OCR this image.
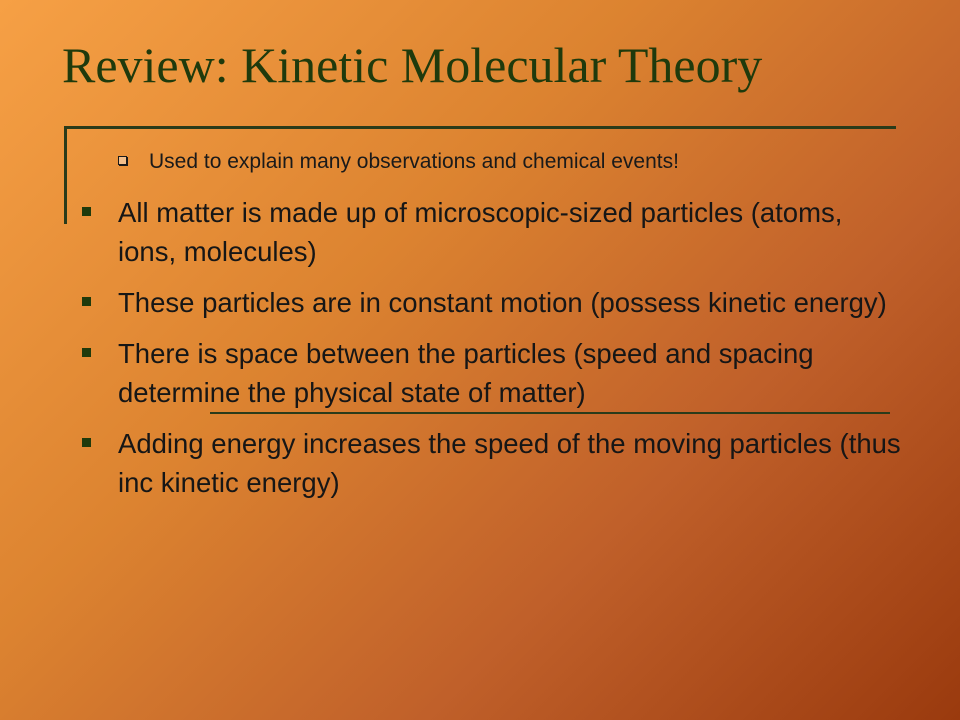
Review: Kinetic Molecular Theory
Used to explain many observations and chemical events!
All matter is made up of microscopic-sized particles (atoms, ions, molecules)
These particles are in constant motion (possess kinetic energy)
There is space between the particles (speed and spacing determine the physical state of matter)
Adding energy increases the speed of the moving particles (thus inc kinetic energy)
